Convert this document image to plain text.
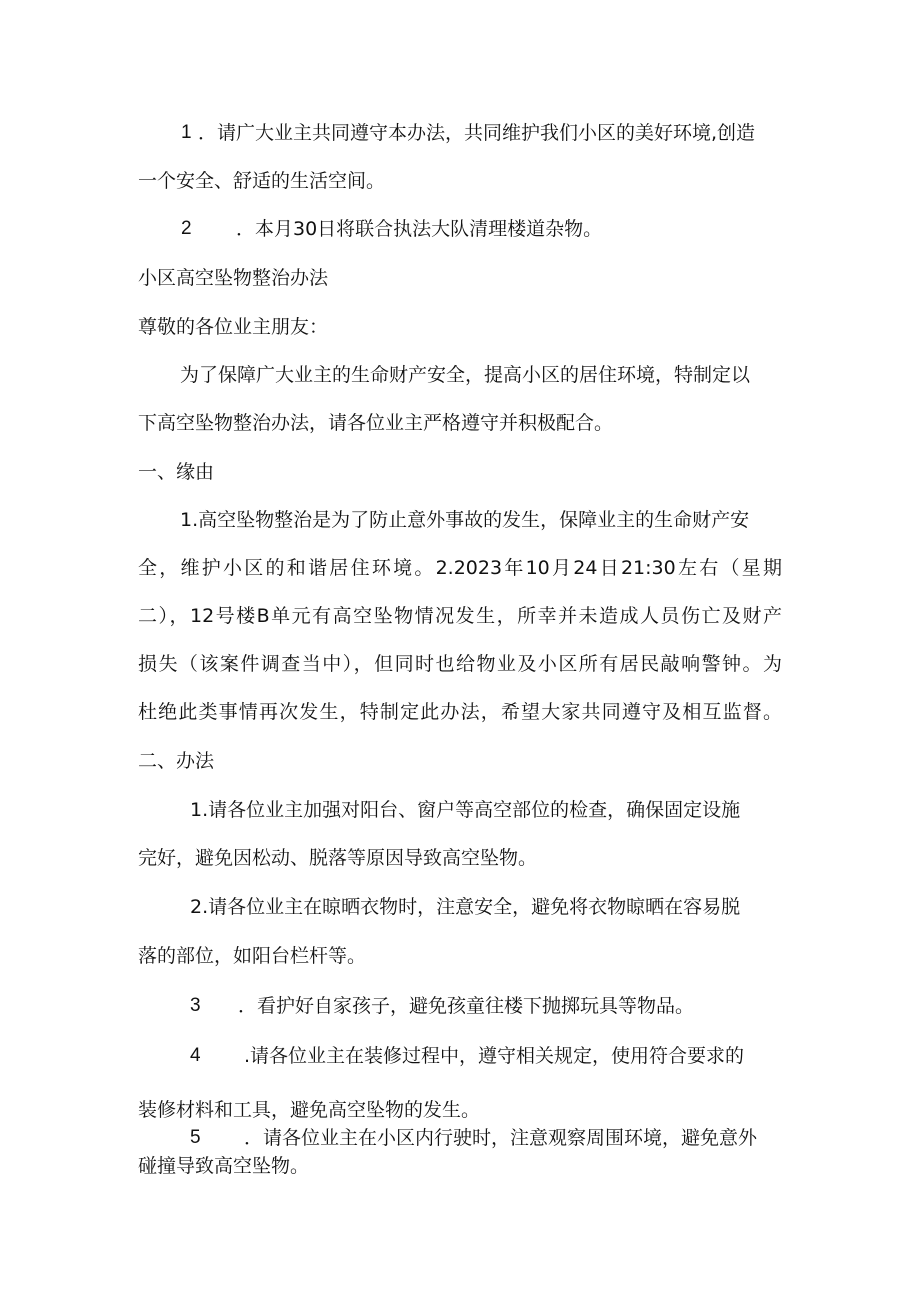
1 ．请广大业主共同遵守本办法，共同维护我们小区的美好环境,创造
一个安全、舒适的生活空间。
2 ．本月30日将联合执法大队清理楼道杂物。
小区高空坠物整治办法
尊敬的各位业主朋友：
为了保障广大业主的生命财产安全，提高小区的居住环境，特制定以
下高空坠物整治办法，请各位业主严格遵守并积极配合。
一、缘由
1.高空坠物整治是为了防止意外事故的发生，保障业主的生命财产安
全，维护小区的和谐居住环境。2.2023年10月24日21:30左右（星期
二），12号楼B单元有高空坠物情况发生，所幸并未造成人员伤亡及财产
损失（该案件调查当中），但同时也给物业及小区所有居民敲响警钟。为
杜绝此类事情再次发生，特制定此办法，希望大家共同遵守及相互监督。
二、办法
1.请各位业主加强对阳台、窗户等高空部位的检查，确保固定设施
完好，避免因松动、脱落等原因导致高空坠物。
2.请各位业主在晾晒衣物时，注意安全，避免将衣物晾晒在容易脱
落的部位，如阳台栏杆等。
3 ．看护好自家孩子，避免孩童往楼下抛掷玩具等物品。
4 .请各位业主在装修过程中，遵守相关规定，使用符合要求的
装修材料和工具，避免高空坠物的发生。
5 ．请各位业主在小区内行驶时，注意观察周围环境，避免意外
碰撞导致高空坠物。
